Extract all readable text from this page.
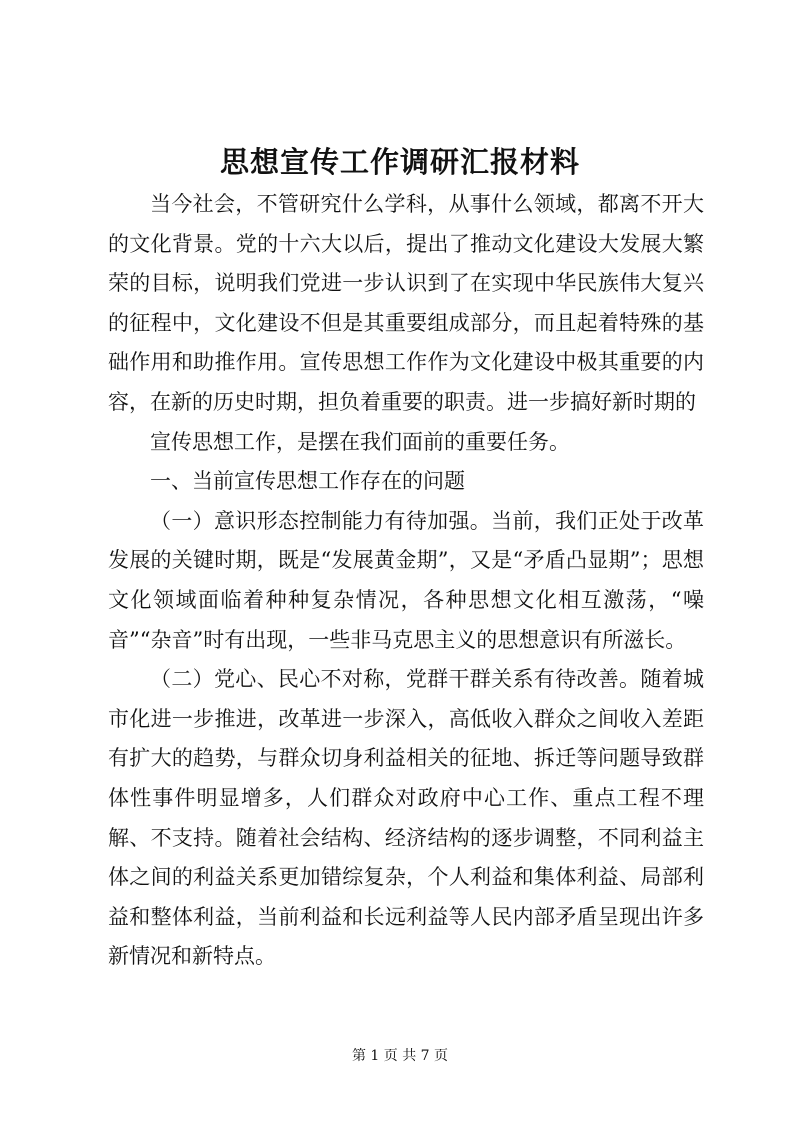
思想宣传工作调研汇报材料

当今社会，不管研究什么学科，从事什么领域，都离不开大的文化背景。党的十六大以后，提出了推动文化建设大发展大繁荣的目标，说明我们党进一步认识到了在实现中华民族伟大复兴的征程中，文化建设不但是其重要组成部分，而且起着特殊的基础作用和助推作用。宣传思想工作作为文化建设中极其重要的内容，在新的历史时期，担负着重要的职责。进一步搞好新时期的

宣传思想工作，是摆在我们面前的重要任务。

一、当前宣传思想工作存在的问题

（一）意识形态控制能力有待加强。当前，我们正处于改革发展的关键时期，既是“发展黄金期”，又是“矛盾凸显期”；思想文化领域面临着种种复杂情况，各种思想文化相互激荡，“噪音”“杂音”时有出现，一些非马克思主义的思想意识有所滋长。

（二）党心、民心不对称，党群干群关系有待改善。随着城市化进一步推进，改革进一步深入，高低收入群众之间收入差距有扩大的趋势，与群众切身利益相关的征地、拆迁等问题导致群体性事件明显增多，人们群众对政府中心工作、重点工程不理解、不支持。随着社会结构、经济结构的逐步调整，不同利益主体之间的利益关系更加错综复杂，个人利益和集体利益、局部利益和整体利益，当前利益和长远利益等人民内部矛盾呈现出许多新情况和新特点。

第 1 页 共 7 页
